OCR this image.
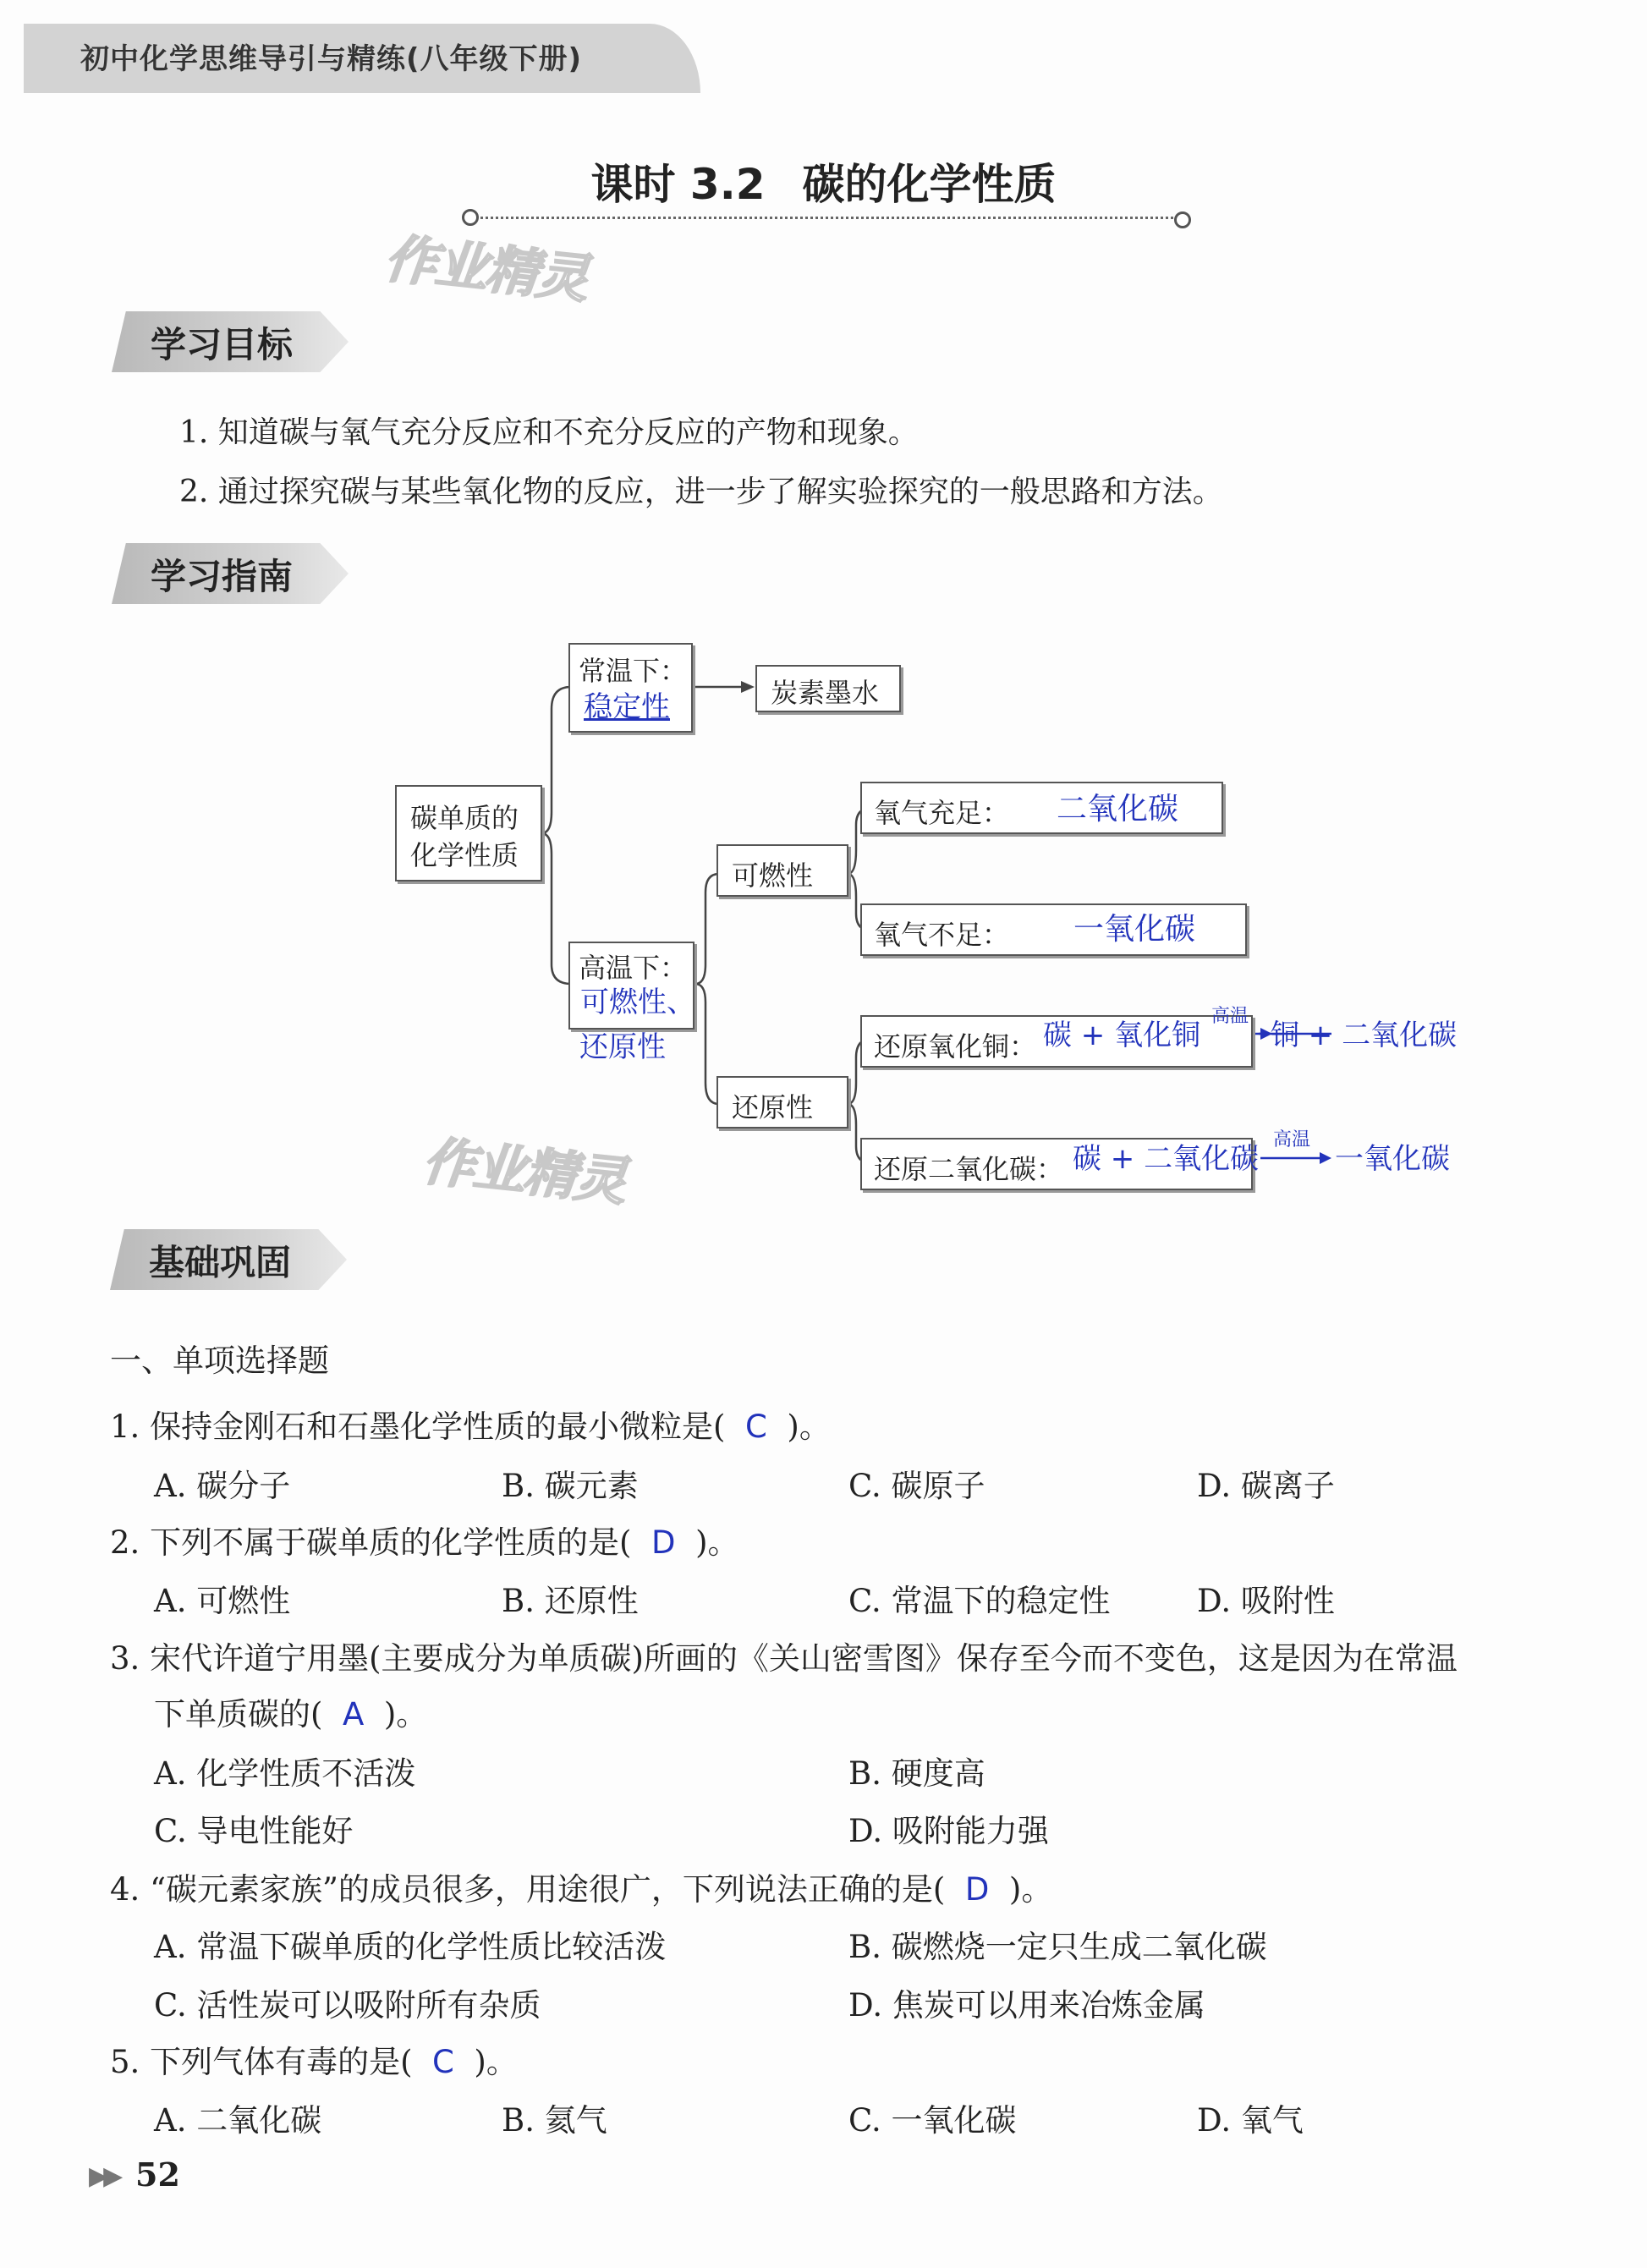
初中化学思维导引与精练(八年级下册)
课时 3.2 碳的化学性质
作业精灵
作业精灵
学习目标
1. 知道碳与氧气充分反应和不充分反应的产物和现象。
2. 通过探究碳与某些氧化物的反应，进一步了解实验探究的一般思路和方法。
学习指南
碳单质的
化学性质
常温下：
稳定性	炭素墨水
高温下：
可燃性、
还原性
可燃性
还原性
氧气充足： 二氧化碳
氧气不足： 一氧化碳
还原氧化铜：
还原二氧化碳：
碳 + 氧化铜
高温
铜 + 二氧化碳
碳 + 二氧化碳
高温
一氧化碳
基础巩固
一、单项选择题
1. 保持金刚石和石墨化学性质的最小微粒是( C )。
A. 碳分子	B. 碳元素	C. 碳原子	D. 碳离子
2. 下列不属于碳单质的化学性质的是( D )。
A. 可燃性	B. 还原性	C. 常温下的稳定性	D. 吸附性
3. 宋代许道宁用墨(主要成分为单质碳)所画的《关山密雪图》保存至今而不变色，这是因为在常温
下单质碳的( A )。
A. 化学性质不活泼	B. 硬度高
C. 导电性能好	D. 吸附能力强
4. “碳元素家族”的成员很多，用途很广，下列说法正确的是( D )。
A. 常温下碳单质的化学性质比较活泼	B. 碳燃烧一定只生成二氧化碳
C. 活性炭可以吸附所有杂质	D. 焦炭可以用来冶炼金属
5. 下列气体有毒的是( C )。
A. 二氧化碳	B. 氦气	C. 一氧化碳	D. 氧气
▶▶ 52
